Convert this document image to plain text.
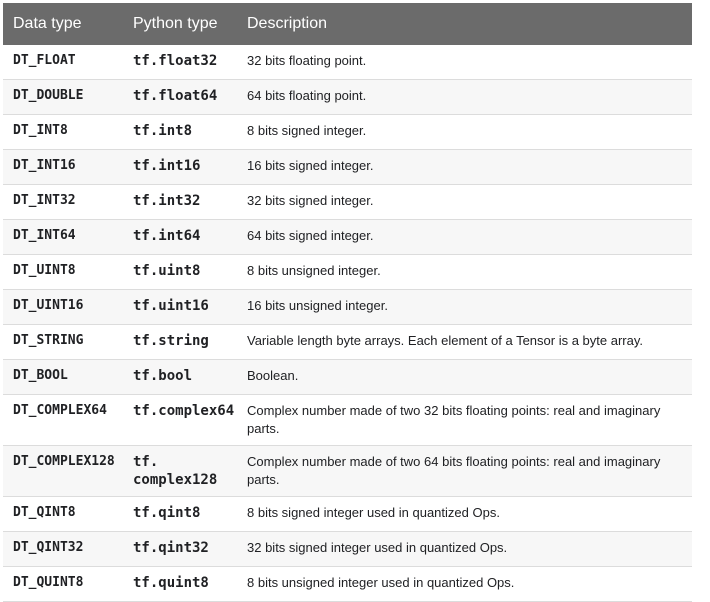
Data type	Python type	Description
DT_FLOAT	tf.float32	32 bits floating point.
DT_DOUBLE	tf.float64	64 bits floating point.
DT_INT8	tf.int8	8 bits signed integer.
DT_INT16	tf.int16	16 bits signed integer.
DT_INT32	tf.int32	32 bits signed integer.
DT_INT64	tf.int64	64 bits signed integer.
DT_UINT8	tf.uint8	8 bits unsigned integer.
DT_UINT16	tf.uint16	16 bits unsigned integer.
DT_STRING	tf.string	Variable length byte arrays. Each element of a Tensor is a byte array.
DT_BOOL	tf.bool	Boolean.
DT_COMPLEX64	tf.complex64	Complex number made of two 32 bits floating points: real and imaginary parts.
DT_COMPLEX128	tf. complex128	Complex number made of two 64 bits floating points: real and imaginary parts.
DT_QINT8	tf.qint8	8 bits signed integer used in quantized Ops.
DT_QINT32	tf.qint32	32 bits signed integer used in quantized Ops.
DT_QUINT8	tf.quint8	8 bits unsigned integer used in quantized Ops.
